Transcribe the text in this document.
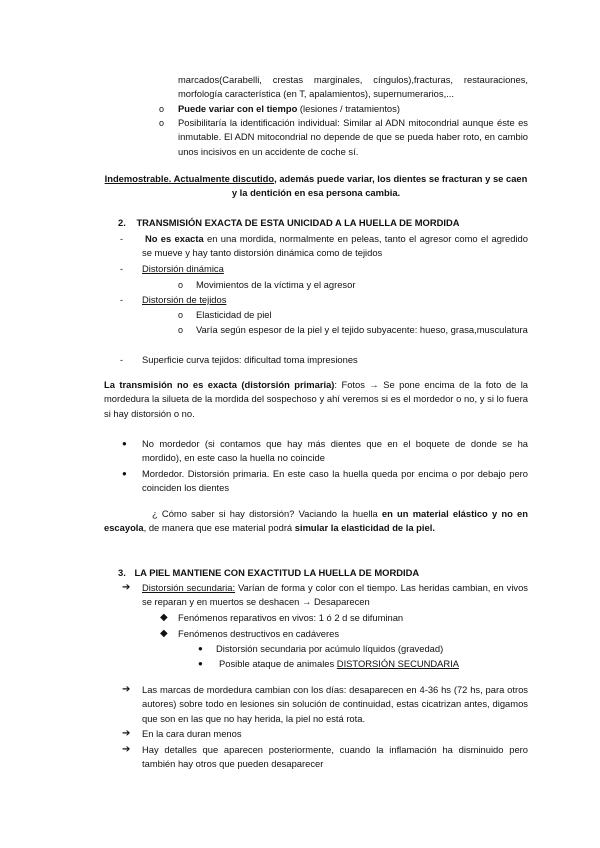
marcados(Carabelli, crestas marginales, cíngulos),fracturas, restauraciones,
morfología característica (en T, apalamientos), supernumerarios,...
o Puede variar con el tiempo (lesiones / tratamientos)
o Posibilitaría la identificación individual: Similar al ADN mitocondrial aunque éste es inmutable. El ADN mitocondrial no depende de que se pueda haber roto, en cambio unos incisivos en un accidente de coche sí.
Indemostrable. Actualmente discutido, además puede variar, los dientes se fracturan y se caen y la dentición en esa persona cambia.
2. TRANSMISIÓN EXACTA DE ESTA UNICIDAD A LA HUELLA DE MORDIDA
-	No es exacta en una mordida, normalmente en peleas, tanto el agresor como el agredido se mueve y hay tanto distorsión dinámica como de tejidos
- Distorsión dinámica
o Movimientos de la víctima y el agresor
- Distorsión de tejidos
o Elasticidad de piel
o Varía según espesor de la piel y el tejido subyacente: hueso, grasa,musculatura
- Superficie curva tejidos: dificultad toma impresiones
La transmisión no es exacta (distorsión primaria): Fotos → Se pone encima de la foto de la mordedura la silueta de la mordida del sospechoso y ahí veremos si es el mordedor o no, y si lo fuera si hay distorsión o no.
● No mordedor (si contamos que hay más dientes que en el boquete de donde se ha mordido), en este caso la huella no coincide
● Mordedor. Distorsión primaria. En este caso la huella queda por encima o por debajo pero coinciden los dientes
¿ Cómo saber si hay distorsión? Vaciando la huella en un material elástico y no en escayola, de manera que ese material podrá simular la elasticidad de la piel.
3. LA PIEL MANTIENE CON EXACTITUD LA HUELLA DE MORDIDA
➔ Distorsión secundaria: Varían de forma y color con el tiempo. Las heridas cambian, en vivos se reparan y en muertos se deshacen → Desaparecen
◆ Fenómenos reparativos en vivos: 1 ó 2 d se difuminan
◆ Fenómenos destructivos en cadáveres
● Distorsión secundaria por acúmulo líquidos (gravedad)
● Posible ataque de animales DISTORSIÓN SECUNDARIA
➔ Las marcas de mordedura cambian con los días: desaparecen en 4-36 hs (72 hs, para otros autores) sobre todo en lesiones sin solución de continuidad, estas cicatrizan antes, digamos que son en las que no hay herida, la piel no está rota.
➔ En la cara duran menos
➔ Hay detalles que aparecen posteriormente, cuando la inflamación ha disminuido pero también hay otros que pueden desaparecer
